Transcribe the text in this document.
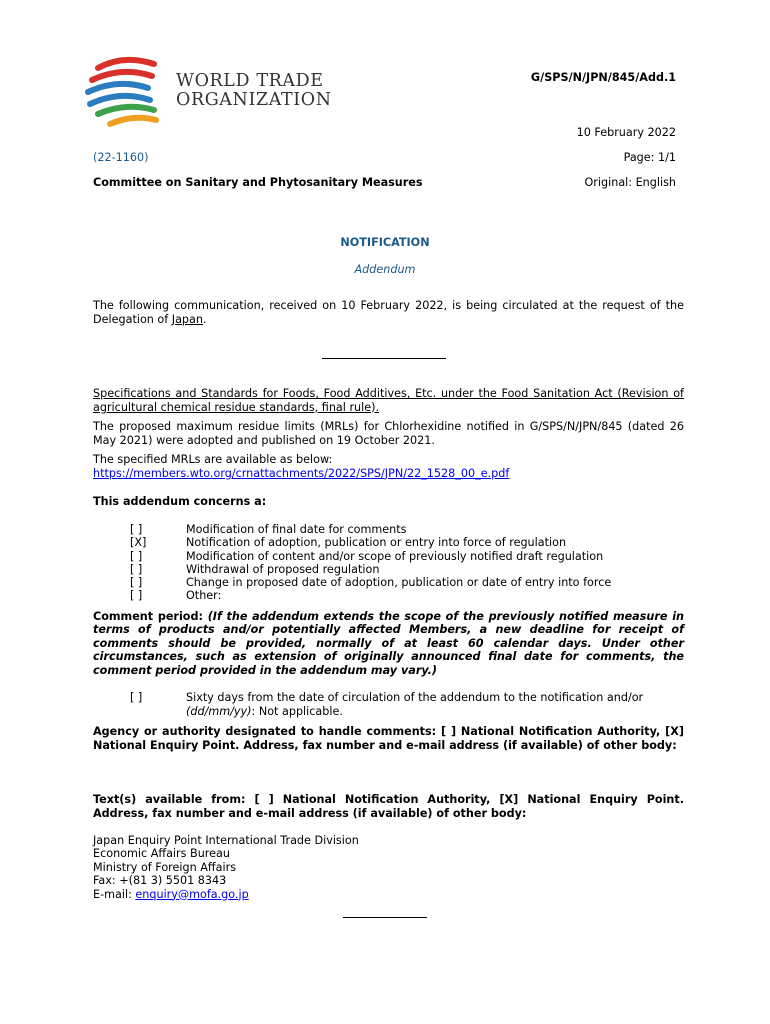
WORLD TRADE
ORGANIZATION
G/SPS/N/JPN/845/Add.1
10 February 2022
(22-1160)	Page: 1/1
Committee on Sanitary and Phytosanitary Measures	Original: English
NOTIFICATION
Addendum
The following communication, received on 10 February 2022, is being circulated at the request of the Delegation of Japan.
Specifications and Standards for Foods, Food Additives, Etc. under the Food Sanitation Act (Revision of agricultural chemical residue standards, final rule).
The proposed maximum residue limits (MRLs) for Chlorhexidine notified in G/SPS/N/JPN/845 (dated 26 May 2021) were adopted and published on 19 October 2021.
The specified MRLs are available as below:
https://members.wto.org/crnattachments/2022/SPS/JPN/22_1528_00_e.pdf
This addendum concerns a:
[ ]	Modification of final date for comments
[X]	Notification of adoption, publication or entry into force of regulation
[ ]	Modification of content and/or scope of previously notified draft regulation
[ ]	Withdrawal of proposed regulation
[ ]	Change in proposed date of adoption, publication or date of entry into force
[ ]	Other:
Comment period: (If the addendum extends the scope of the previously notified measure in terms of products and/or potentially affected Members, a new deadline for receipt of comments should be provided, normally of at least 60 calendar days. Under other circumstances, such as extension of originally announced final date for comments, the comment period provided in the addendum may vary.)
[ ]	Sixty days from the date of circulation of the addendum to the notification and/or
(dd/mm/yy): Not applicable.
Agency or authority designated to handle comments: [ ] National Notification Authority, [X] National Enquiry Point. Address, fax number and e-mail address (if available) of other body:
Text(s) available from: [ ] National Notification Authority, [X] National Enquiry Point. Address, fax number and e-mail address (if available) of other body:
Japan Enquiry Point International Trade Division
Economic Affairs Bureau
Ministry of Foreign Affairs
Fax: +(81 3) 5501 8343
E-mail: enquiry@mofa.go.jp
